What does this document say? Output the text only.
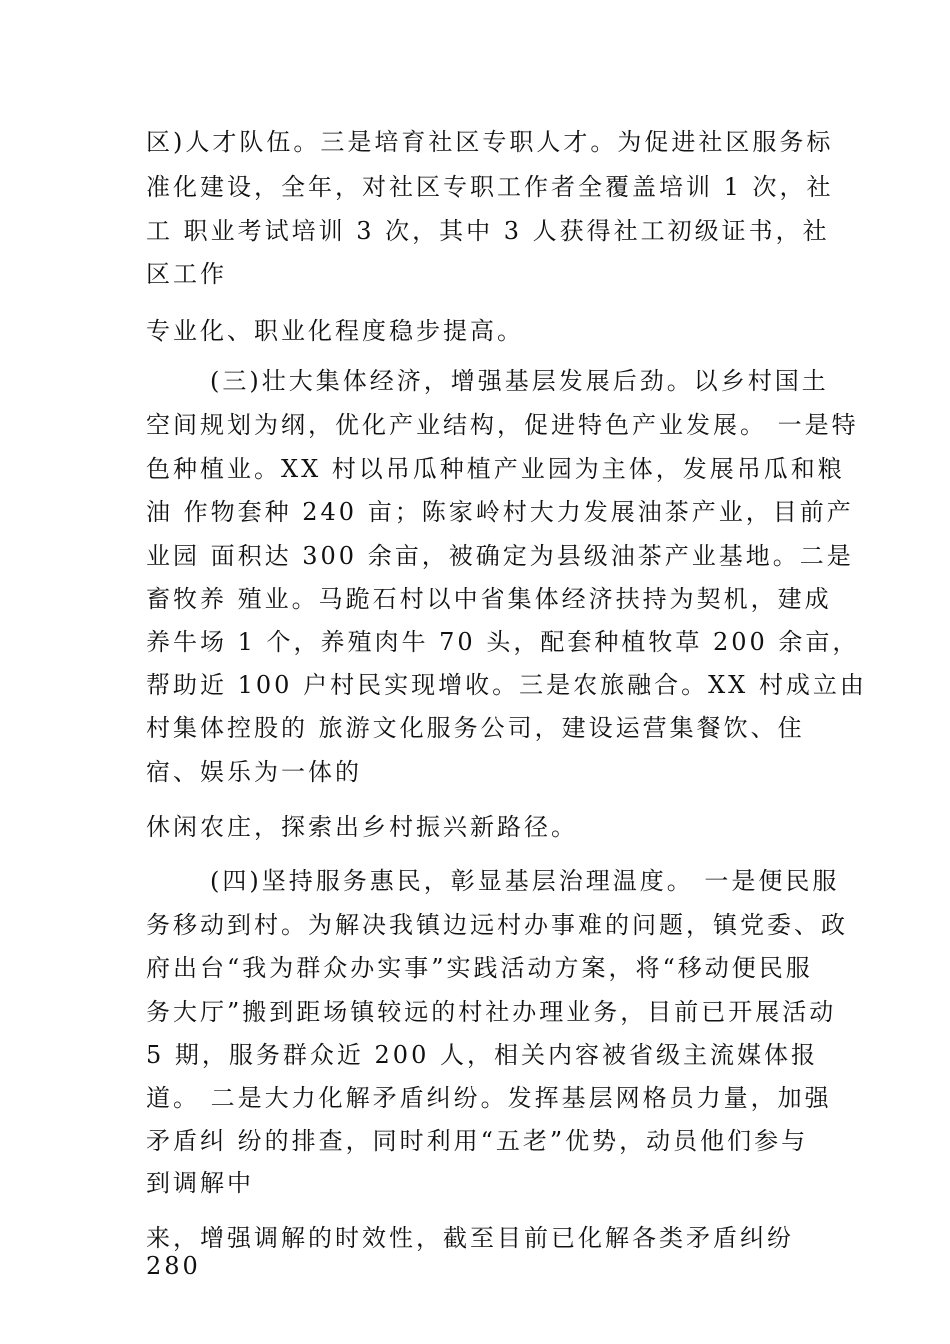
区)人才队伍。三是培育社区专职人才。为促进社区服务标
准化建设，全年，对社区专职工作者全覆盖培训 1 次，社
工 职业考试培训 3 次，其中 3 人获得社工初级证书，社
区工作
专业化、职业化程度稳步提高。
(三)壮大集体经济，增强基层发展后劲。以乡村国土
空间规划为纲，优化产业结构，促进特色产业发展。 一是特
色种植业。XX 村以吊瓜种植产业园为主体，发展吊瓜和粮
油 作物套种 240 亩；陈家岭村大力发展油茶产业，目前产
业园 面积达 300 余亩，被确定为县级油茶产业基地。二是
畜牧养 殖业。马跪石村以中省集体经济扶持为契机，建成
养牛场 1 个，养殖肉牛 70 头，配套种植牧草 200 余亩，
帮助近 100 户村民实现增收。三是农旅融合。XX 村成立由
村集体控股的 旅游文化服务公司，建设运营集餐饮、住
宿、娱乐为一体的
休闲农庄，探索出乡村振兴新路径。
(四)坚持服务惠民，彰显基层治理温度。 一是便民服
务移动到村。为解决我镇边远村办事难的问题，镇党委、政
府出台“我为群众办实事”实践活动方案，将“移动便民服
务大厅”搬到距场镇较远的村社办理业务，目前已开展活动
5 期，服务群众近 200 人，相关内容被省级主流媒体报
道。 二是大力化解矛盾纠纷。发挥基层网格员力量，加强
矛盾纠 纷的排查，同时利用“五老”优势，动员他们参与
到调解中
来，增强调解的时效性，截至目前已化解各类矛盾纠纷
280
